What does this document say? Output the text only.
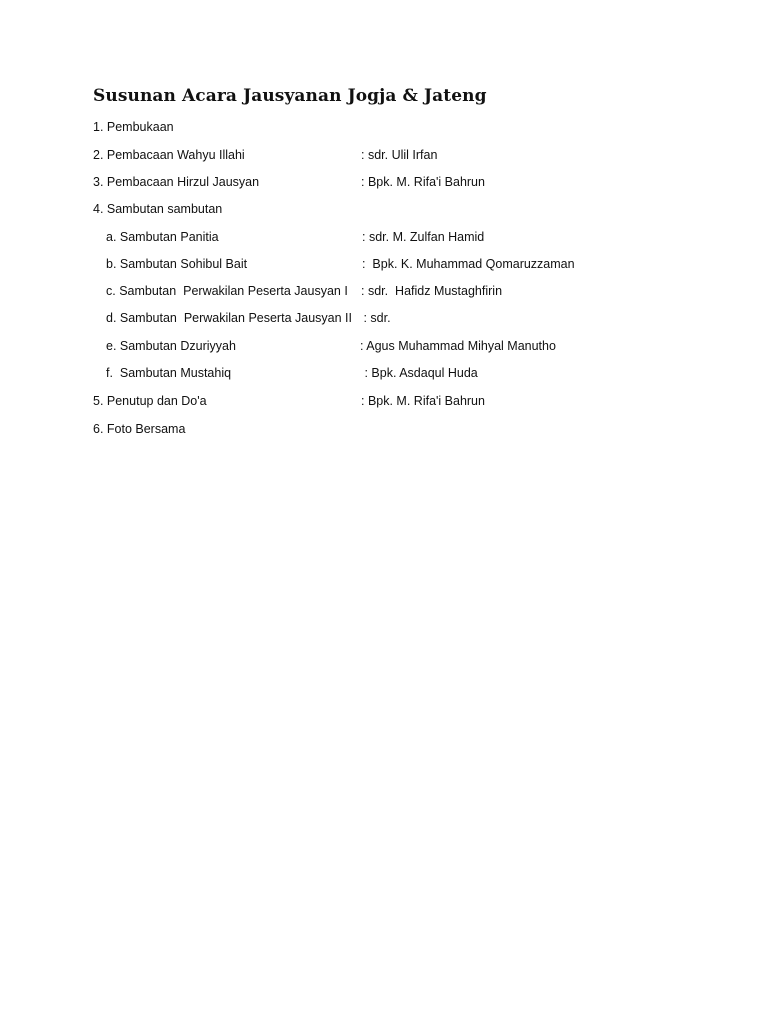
Susunan Acara Jausyanan Jogja & Jateng
1. Pembukaan
2. Pembacaan Wahyu Illahi	: sdr. Ulil Irfan
3. Pembacaan Hirzul Jausyan	: Bpk. M. Rifa'i Bahrun
4. Sambutan sambutan
a. Sambutan Panitia	: sdr. M. Zulfan Hamid
b. Sambutan Sohibul Bait	:  Bpk. K. Muhammad Qomaruzzaman
c. Sambutan  Perwakilan Peserta Jausyan I : sdr.  Hafidz Mustaghfirin
d. Sambutan  Perwakilan Peserta Jausyan II : sdr.
e. Sambutan Dzuriyyah	: Agus Muhammad Mihyal Manutho
f.  Sambutan Mustahiq	: Bpk. Asdaqul Huda
5. Penutup dan Do'a	: Bpk. M. Rifa'i Bahrun
6. Foto Bersama
